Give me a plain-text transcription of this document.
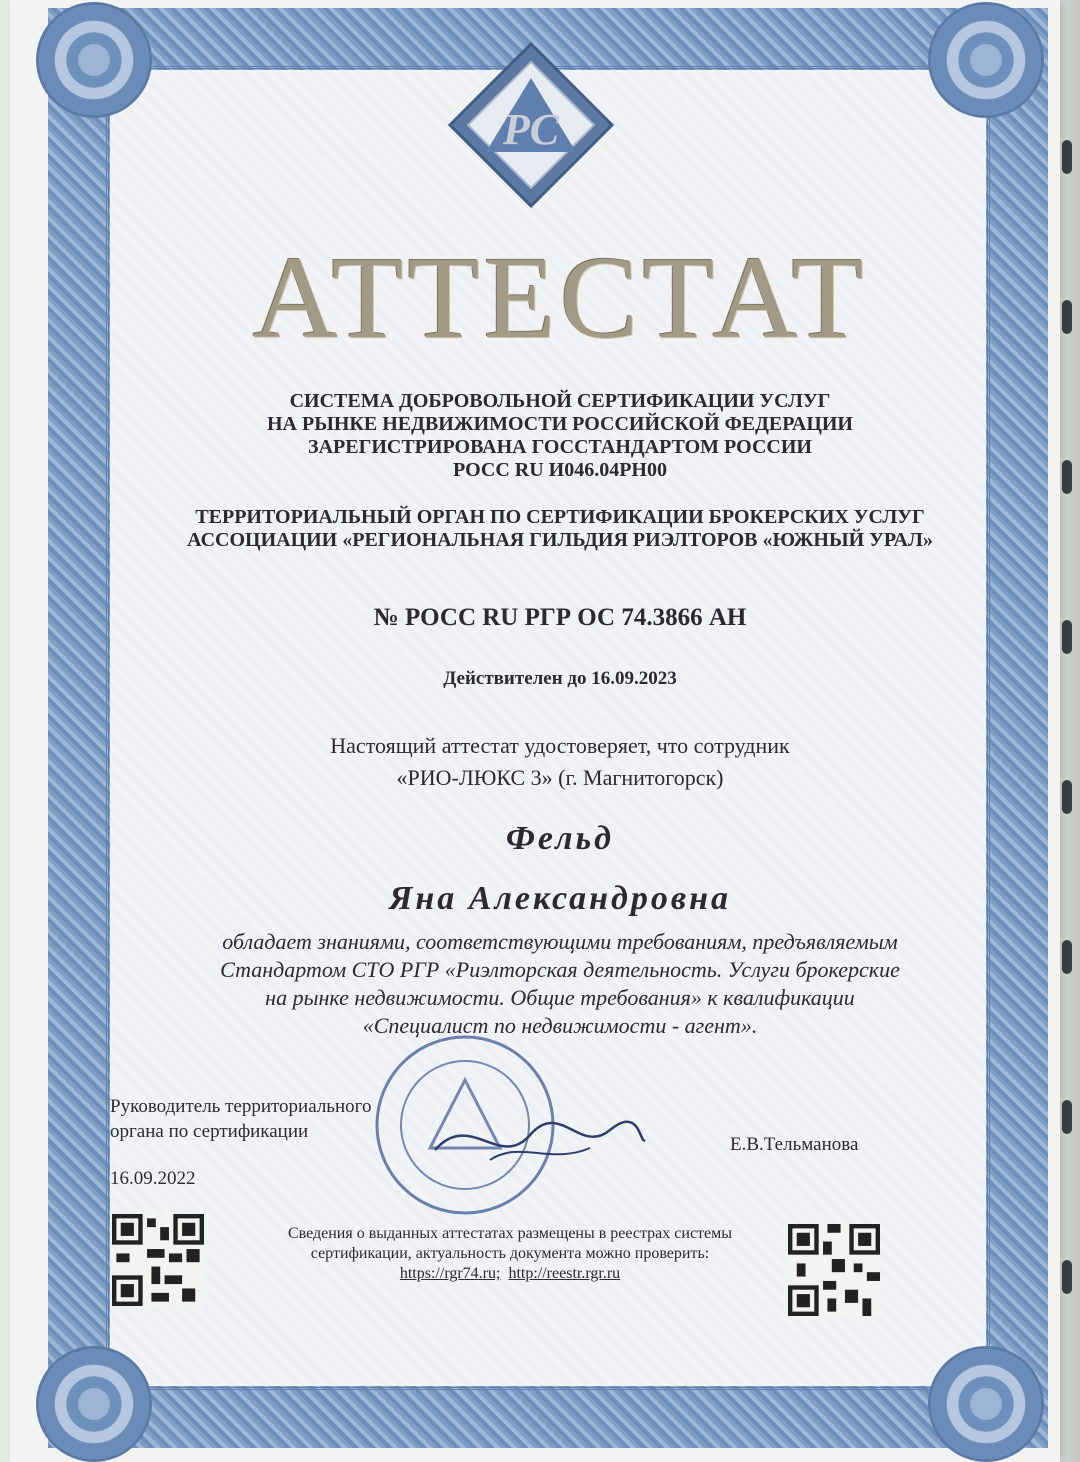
РС
АТТЕСТАТ
СИСТЕМА ДОБРОВОЛЬНОЙ СЕРТИФИКАЦИИ УСЛУГ
НА РЫНКЕ НЕДВИЖИМОСТИ РОССИЙСКОЙ ФЕДЕРАЦИИ
ЗАРЕГИСТРИРОВАНА ГОССТАНДАРТОМ РОССИИ
РОСС RU И046.04РН00
ТЕРРИТОРИАЛЬНЫЙ ОРГАН ПО СЕРТИФИКАЦИИ БРОКЕРСКИХ УСЛУГ
АССОЦИАЦИИ «РЕГИОНАЛЬНАЯ ГИЛЬДИЯ РИЭЛТОРОВ «ЮЖНЫЙ УРАЛ»
№ РОСС RU РГР ОС 74.3866 АН
Действителен до 16.09.2023
Настоящий аттестат удостоверяет, что сотрудник
«РИО-ЛЮКС 3» (г. Магнитогорск)
Фельд
Яна Александровна
обладает знаниями, соответствующими требованиям, предъявляемым
Стандартом СТО РГР «Риэлторская деятельность. Услуги брокерские
на рынке недвижимости. Общие требования» к квалификации
«Специалист по недвижимости - агент».
Руководитель территориального
органа по сертификации
Е.В.Тельманова
16.09.2022
Сведения о выданных аттестатах размещены в реестрах системы
сертификации, актуальность документа можно проверить:
https://rgr74.ru; http://reestr.rgr.ru
